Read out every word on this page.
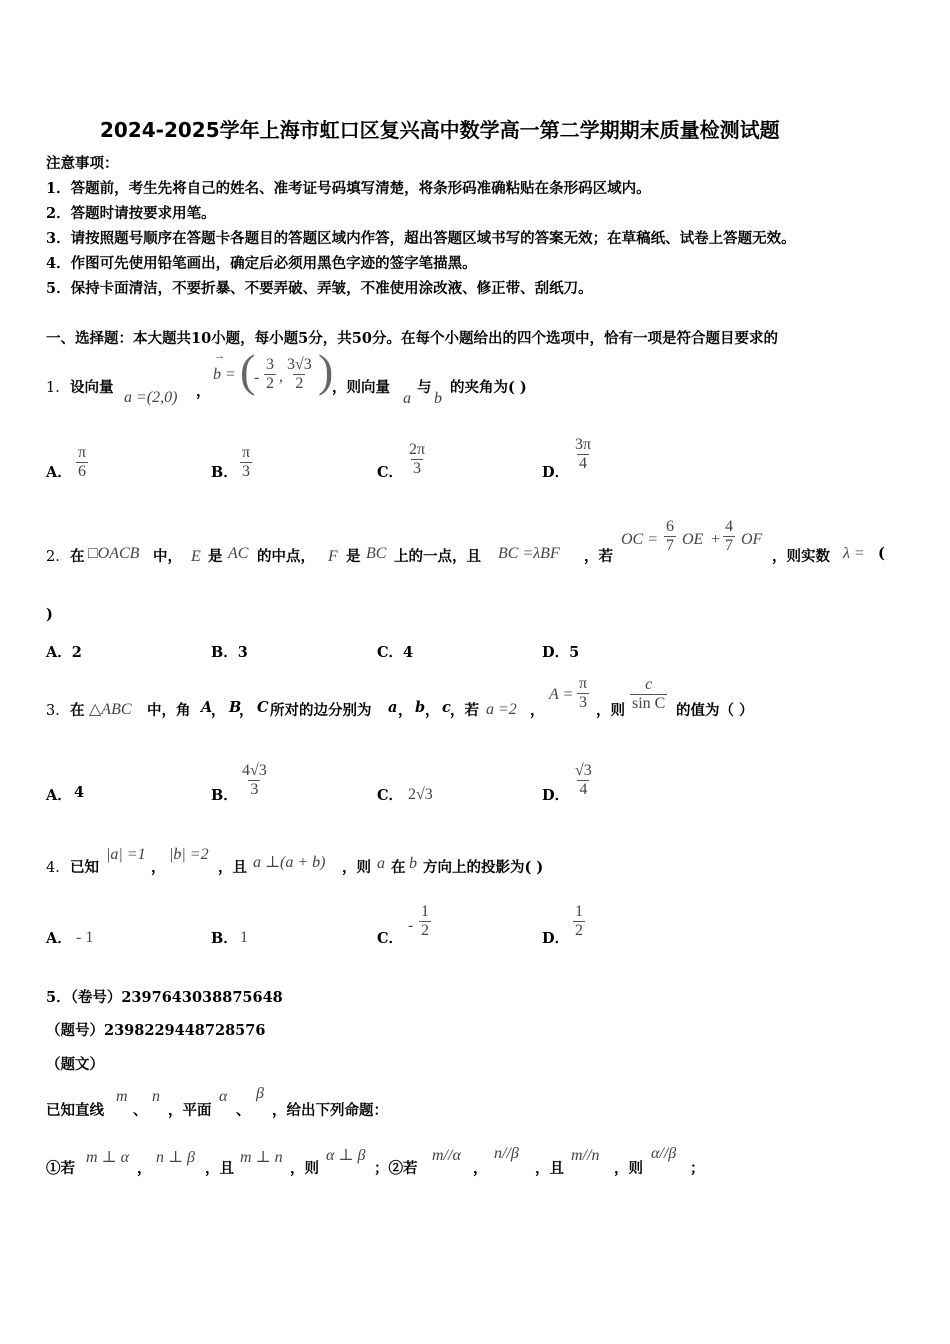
2024-2025学年上海市虹口区复兴高中数学高一第二学期期末质量检测试题
注意事项：
1．答题前，考生先将自己的姓名、准考证号码填写清楚，将条形码准确粘贴在条形码区域内。
2．答题时请按要求用笔。
3．请按照题号顺序在答题卡各题目的答题区域内作答，超出答题区域书写的答案无效；在草稿纸、试卷上答题无效。
4．作图可先使用铅笔画出，确定后必须用黑色字迹的签字笔描黑。
5．保持卡面清洁，不要折暴、不要弄破、弄皱，不准使用涂改液、修正带、刮纸刀。
一、选择题：本大题共10小题，每小题5分，共50分。在每个小题给出的四个选项中，恰有一项是符合题目要求的
1． 设向量
a =(2,0) ，
→
b = (
- $\frac{3}{2}$ , $\frac{3√3}{2}$ )
，则向量
a
与
b
的夹角为( )
A． $\frac{\pi}{6}$	B． $\frac{\pi}{3}$	C． $\frac{2\pi}{3}$	D． $\frac{3\pi}{4}$
2． 在 □OACB 中， E 是 AC 的中点， F 是 BC 上的一点，且 BC =λBF ，若
OC = $\frac{6}{7}$ OE + $\frac{4}{7}$ OF
，则实数 λ = (
)
A．2	B．3	C．4	D．5
3． 在 △ABC 中，角 A
， B
， C 所对的边分别为 a ， b ， c ，若 a =2 ，
$A = \frac{\pi}{3}$ ，则 $\frac{c}{\text{sin C}}$ 的值为（ ）
A． 4	B． $\frac{4√3}{3}$	C． 2√3	D． $\frac{√3}{4}$
4． 已知
|a| =1
，
|b| =2
，且 a ⊥(a + b) ，则 a 在 b 方向上的投影为( )
A． - 1	B． 1	C．
- $\frac{1}{2}$	D． $\frac{1}{2}$
5．（卷号）2397643038875648
（题号）2398229448728576
（题文）
已知直线
m
、
n
，平面
α
、
β
，给出下列命题：
①若
m ⊥ α
，
n ⊥ β
，且
m ⊥ n
，则
α ⊥ β
；②若
m//α
，
n//β
，且
m//n
，则
α//β
；
